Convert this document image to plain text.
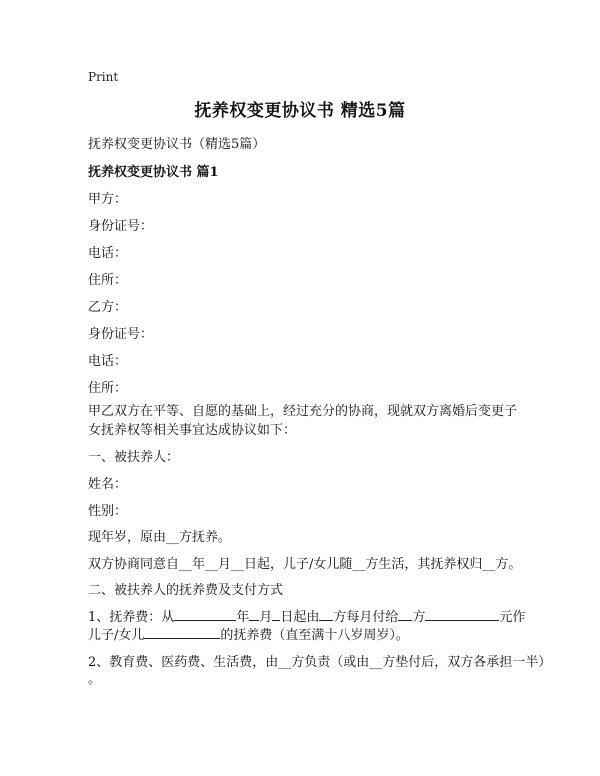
Print
抚养权变更协议书 精选5篇
抚养权变更协议书（精选5篇）
抚养权变更协议书 篇1
甲方：
身份证号：
电话：
住所：
乙方：
身份证号：
电话：
住所：
甲乙双方在平等、自愿的基础上，经过充分的协商，现就双方离婚后变更子女抚养权等相关事宜达成协议如下：
一、被扶养人：
姓名：
性别：
现年岁，原由__方抚养。
双方协商同意自__年__月__日起，儿子/女儿随__方生活，其抚养权归__方。
二、被扶养人的抚养费及支付方式
1、抚养费：从	年 月 日起由 方每月付给 方	元作
儿子/女儿	的抚养费（直至满十八岁周岁）。
2、教育费、医药费、生活费，由__方负责（或由__方垫付后，双方各承担一半）
。
